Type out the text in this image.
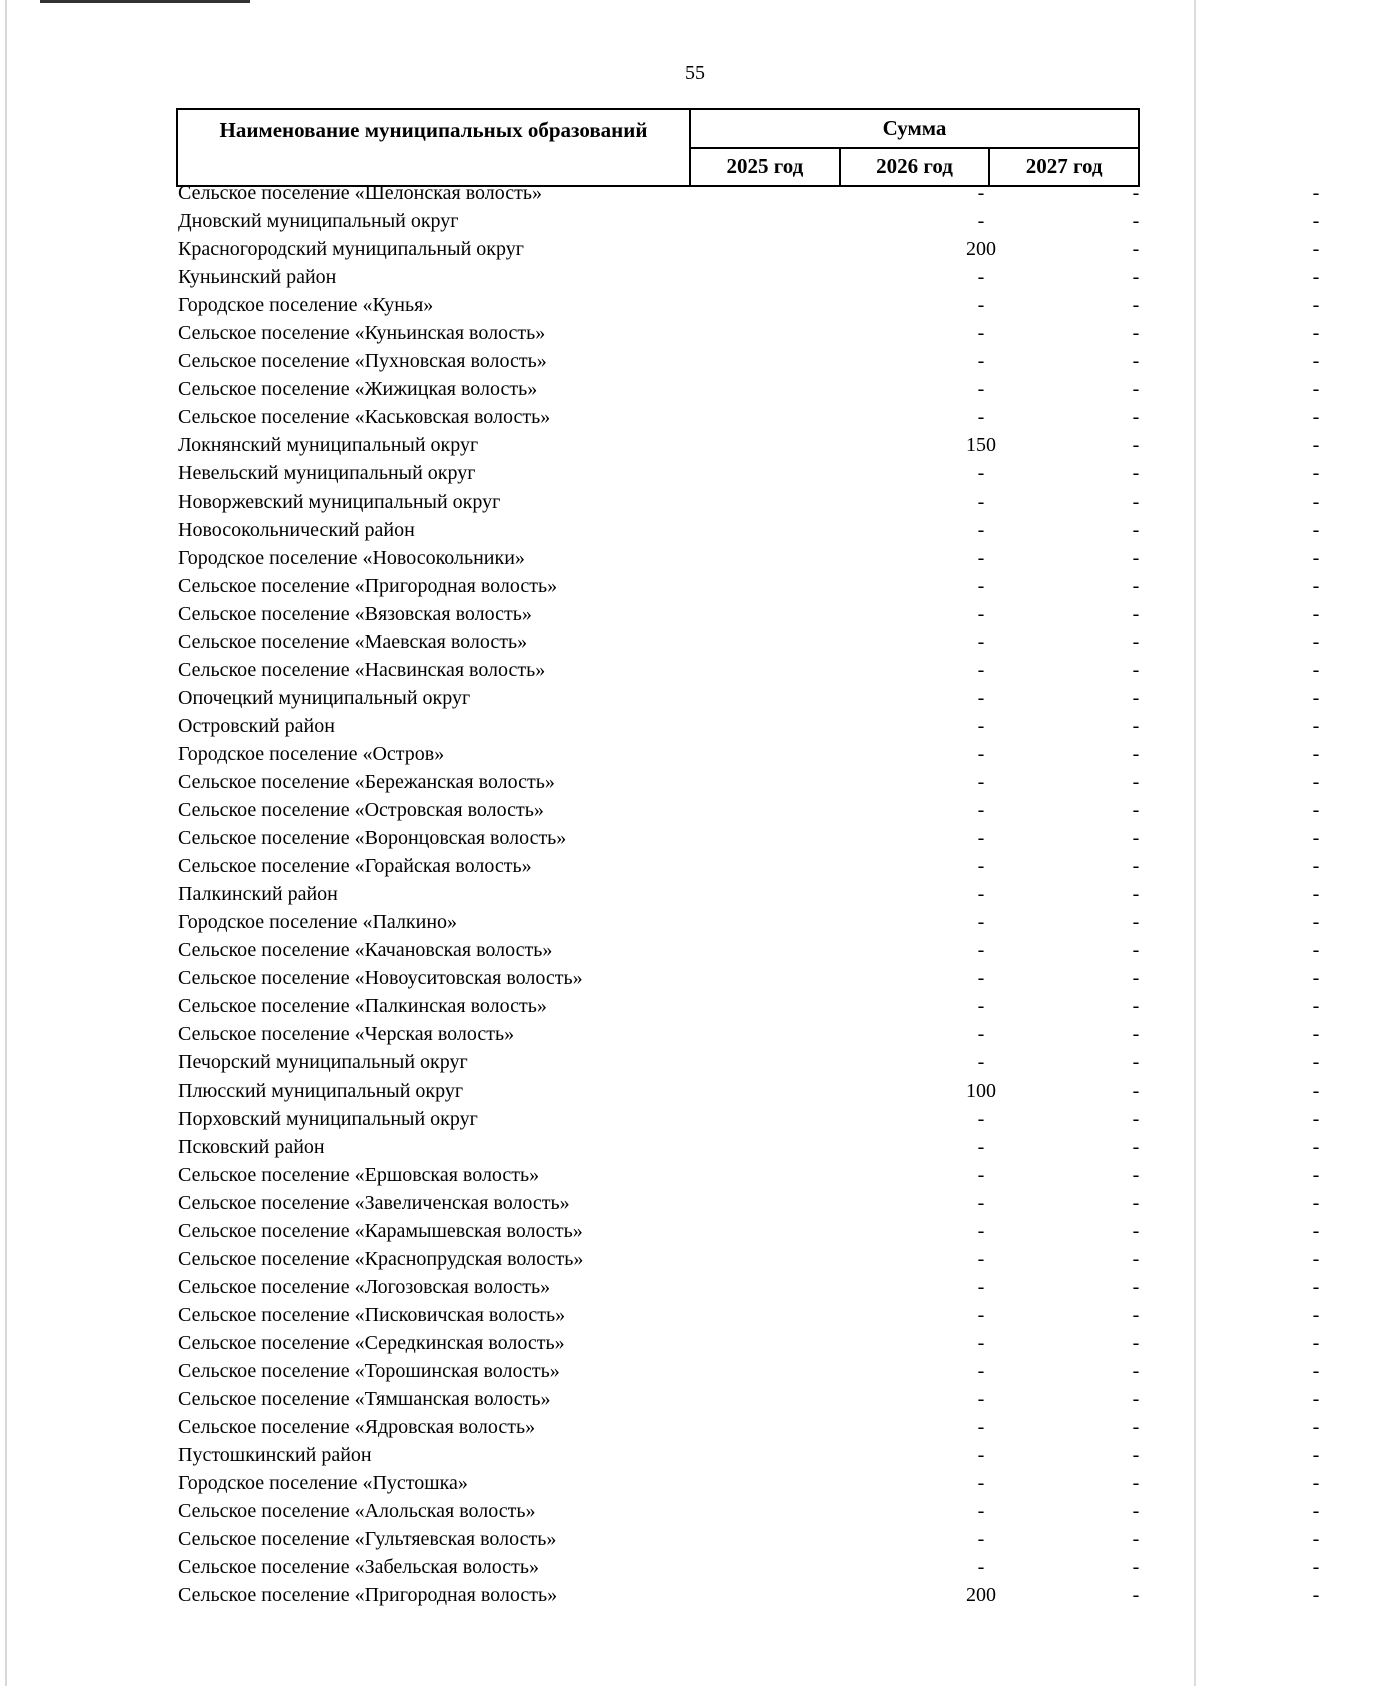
55
Наименование муниципальных образований	Сумма		
	2025 год	2026 год	2027 год
Сельское поселение «Шелонская волость»	-	-	-
Дновский муниципальный округ	-	-	-
Красногородский муниципальный округ	200	-	-
Куньинский район	-	-	-
Городское поселение «Кунья»	-	-	-
Сельское поселение «Куньинская волость»	-	-	-
Сельское поселение «Пухновская волость»	-	-	-
Сельское поселение «Жижицкая волость»	-	-	-
Сельское поселение «Каськовская волость»	-	-	-
Локнянский муниципальный округ	150	-	-
Невельский муниципальный округ	-	-	-
Новоржевский муниципальный округ	-	-	-
Новосокольнический район	-	-	-
Городское поселение «Новосокольники»	-	-	-
Сельское поселение «Пригородная волость»	-	-	-
Сельское поселение «Вязовская волость»	-	-	-
Сельское поселение «Маевская волость»	-	-	-
Сельское поселение «Насвинская волость»	-	-	-
Опочецкий муниципальный округ	-	-	-
Островский район	-	-	-
Городское поселение «Остров»	-	-	-
Сельское поселение «Бережанская волость»	-	-	-
Сельское поселение «Островская волость»	-	-	-
Сельское поселение «Воронцовская волость»	-	-	-
Сельское поселение «Горайская волость»	-	-	-
Палкинский район	-	-	-
Городское поселение «Палкино»	-	-	-
Сельское поселение «Качановская волость»	-	-	-
Сельское поселение «Новоуситовская волость»	-	-	-
Сельское поселение «Палкинская волость»	-	-	-
Сельское поселение «Черская волость»	-	-	-
Печорский муниципальный округ	-	-	-
Плюсский муниципальный округ	100	-	-
Порховский муниципальный округ	-	-	-
Псковский район	-	-	-
Сельское поселение «Ершовская волость»	-	-	-
Сельское поселение «Завеличенская волость»	-	-	-
Сельское поселение «Карамышевская волость»	-	-	-
Сельское поселение «Краснопрудская волость»	-	-	-
Сельское поселение «Логозовская волость»	-	-	-
Сельское поселение «Писковичская волость»	-	-	-
Сельское поселение «Середкинская волость»	-	-	-
Сельское поселение «Торошинская волость»	-	-	-
Сельское поселение «Тямшанская волость»	-	-	-
Сельское поселение «Ядровская волость»	-	-	-
Пустошкинский район	-	-	-
Городское поселение «Пустошка»	-	-	-
Сельское поселение «Алольская волость»	-	-	-
Сельское поселение «Гультяевская волость»	-	-	-
Сельское поселение «Забельская волость»	-	-	-
Сельское поселение «Пригородная волость»	200	-	-
